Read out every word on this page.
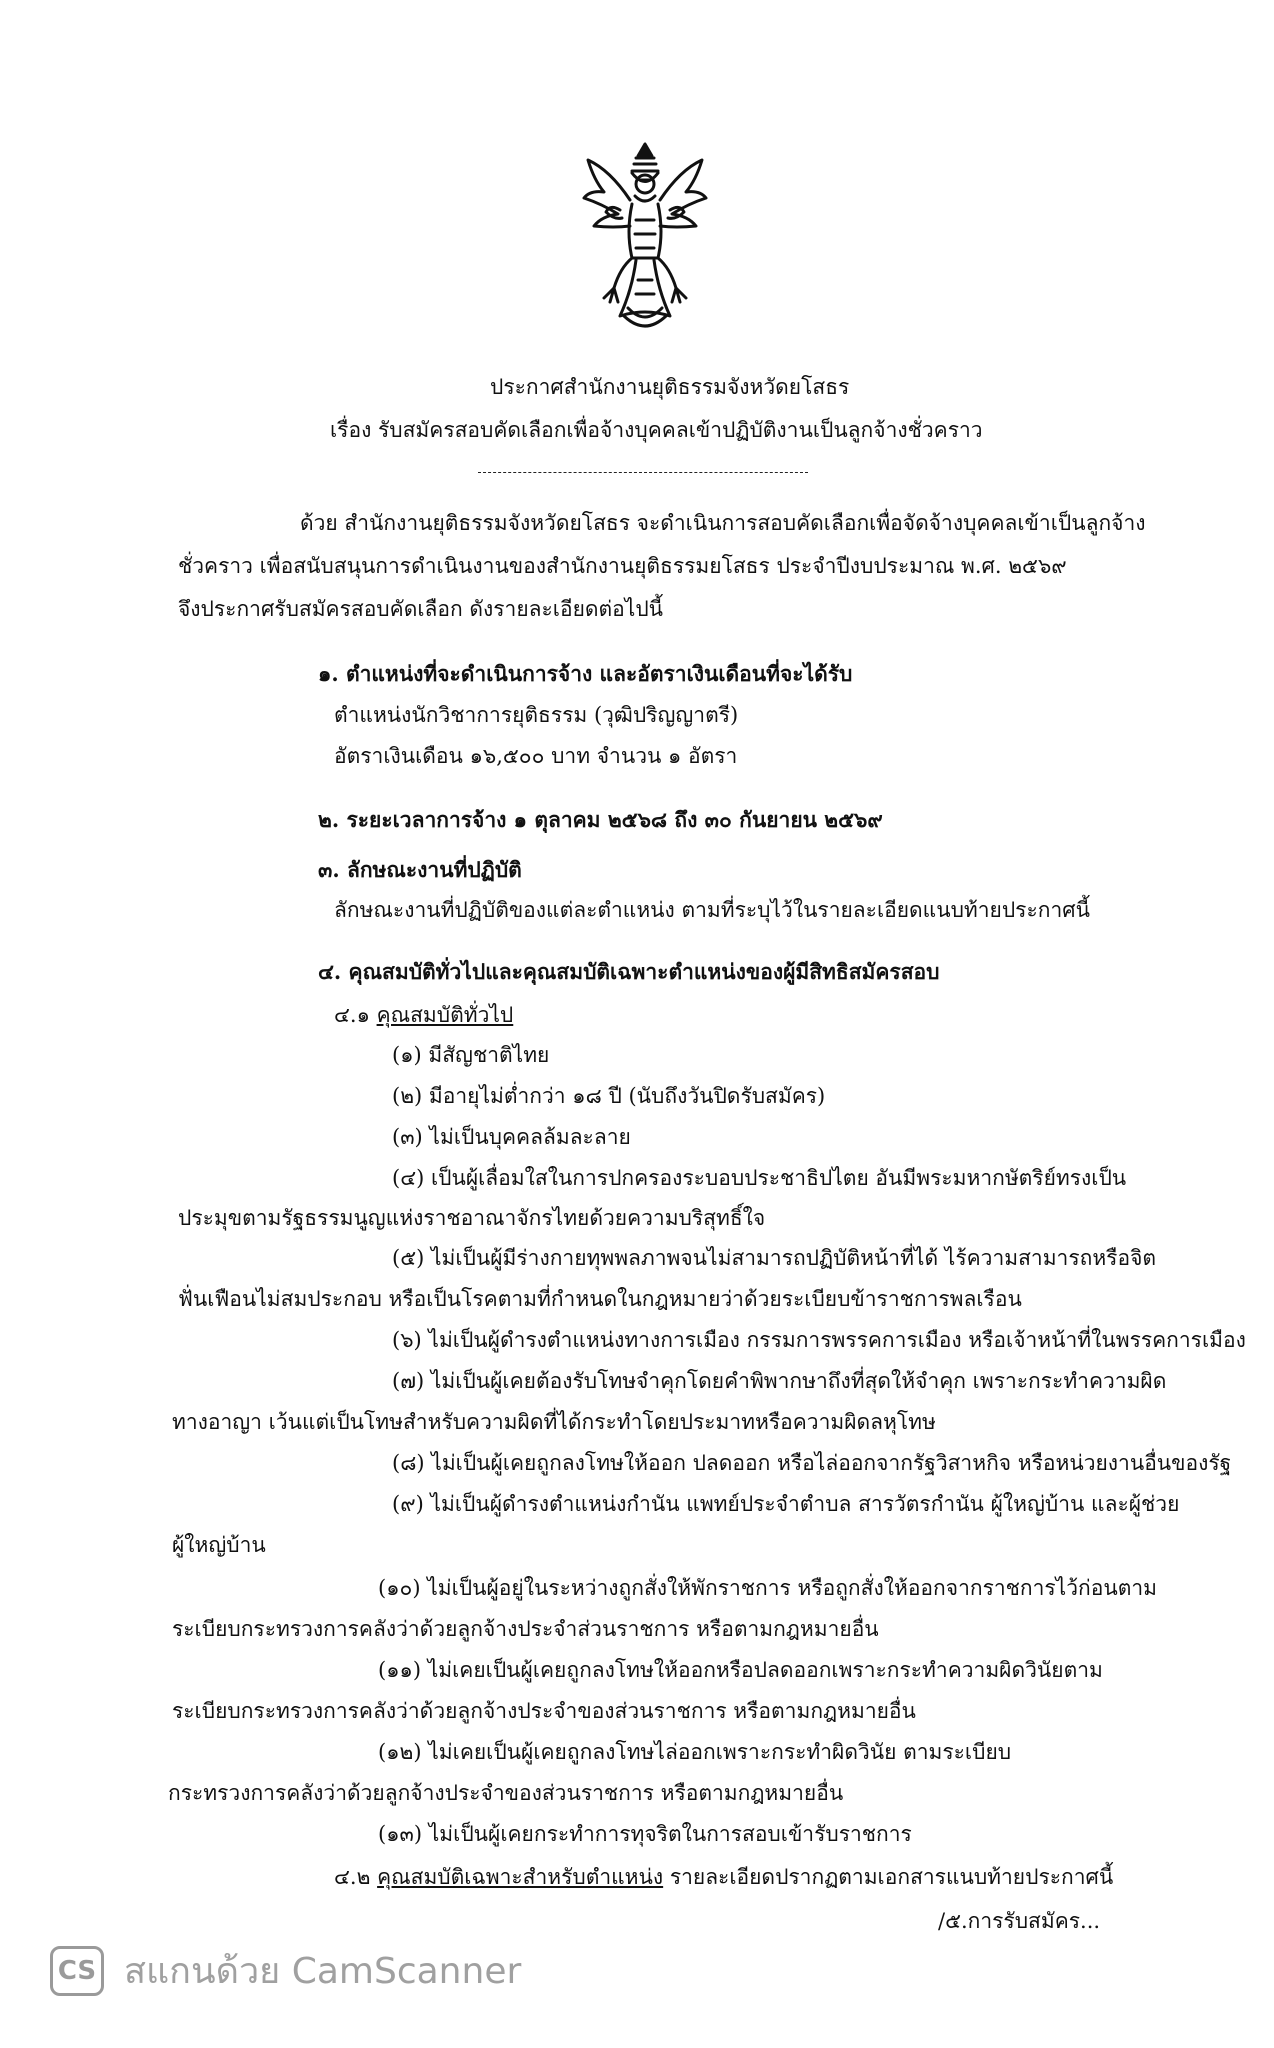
ประกาศสำนักงานยุติธรรมจังหวัดยโสธร

เรื่อง รับสมัครสอบคัดเลือกเพื่อจ้างบุคคลเข้าปฏิบัติงานเป็นลูกจ้างชั่วคราว

ด้วย สำนักงานยุติธรรมจังหวัดยโสธร จะดำเนินการสอบคัดเลือกเพื่อจัดจ้างบุคคลเข้าเป็นลูกจ้าง

ชั่วคราว เพื่อสนับสนุนการดำเนินงานของสำนักงานยุติธรรมยโสธร ประจำปีงบประมาณ พ.ศ. ๒๕๖๙

จึงประกาศรับสมัครสอบคัดเลือก ดังรายละเอียดต่อไปนี้

๑. ตำแหน่งที่จะดำเนินการจ้าง และอัตราเงินเดือนที่จะได้รับ

ตำแหน่งนักวิชาการยุติธรรม (วุฒิปริญญาตรี)

อัตราเงินเดือน ๑๖,๕๐๐ บาท จำนวน ๑ อัตรา

๒. ระยะเวลาการจ้าง ๑ ตุลาคม ๒๕๖๘ ถึง ๓๐ กันยายน ๒๕๖๙

๓. ลักษณะงานที่ปฏิบัติ

ลักษณะงานที่ปฏิบัติของแต่ละตำแหน่ง ตามที่ระบุไว้ในรายละเอียดแนบท้ายประกาศนี้

๔. คุณสมบัติทั่วไปและคุณสมบัติเฉพาะตำแหน่งของผู้มีสิทธิสมัครสอบ

๔.๑ คุณสมบัติทั่วไป

(๑) มีสัญชาติไทย

(๒) มีอายุไม่ต่ำกว่า ๑๘ ปี (นับถึงวันปิดรับสมัคร)

(๓) ไม่เป็นบุคคลล้มละลาย

(๔) เป็นผู้เลื่อมใสในการปกครองระบอบประชาธิปไตย อันมีพระมหากษัตริย์ทรงเป็น

ประมุขตามรัฐธรรมนูญแห่งราชอาณาจักรไทยด้วยความบริสุทธิ์ใจ

(๕) ไม่เป็นผู้มีร่างกายทุพพลภาพจนไม่สามารถปฏิบัติหน้าที่ได้ ไร้ความสามารถหรือจิต

ฟั่นเฟือนไม่สมประกอบ หรือเป็นโรคตามที่กำหนดในกฎหมายว่าด้วยระเบียบข้าราชการพลเรือน

(๖) ไม่เป็นผู้ดำรงตำแหน่งทางการเมือง กรรมการพรรคการเมือง หรือเจ้าหน้าที่ในพรรคการเมือง

(๗) ไม่เป็นผู้เคยต้องรับโทษจำคุกโดยคำพิพากษาถึงที่สุดให้จำคุก เพราะกระทำความผิด

ทางอาญา เว้นแต่เป็นโทษสำหรับความผิดที่ได้กระทำโดยประมาทหรือความผิดลหุโทษ

(๘) ไม่เป็นผู้เคยถูกลงโทษให้ออก ปลดออก หรือไล่ออกจากรัฐวิสาหกิจ หรือหน่วยงานอื่นของรัฐ

(๙) ไม่เป็นผู้ดำรงตำแหน่งกำนัน แพทย์ประจำตำบล สารวัตรกำนัน ผู้ใหญ่บ้าน และผู้ช่วย

ผู้ใหญ่บ้าน

(๑๐) ไม่เป็นผู้อยู่ในระหว่างถูกสั่งให้พักราชการ หรือถูกสั่งให้ออกจากราชการไว้ก่อนตาม

ระเบียบกระทรวงการคลังว่าด้วยลูกจ้างประจำส่วนราชการ หรือตามกฎหมายอื่น

(๑๑) ไม่เคยเป็นผู้เคยถูกลงโทษให้ออกหรือปลดออกเพราะกระทำความผิดวินัยตาม

ระเบียบกระทรวงการคลังว่าด้วยลูกจ้างประจำของส่วนราชการ หรือตามกฎหมายอื่น

(๑๒) ไม่เคยเป็นผู้เคยถูกลงโทษไล่ออกเพราะกระทำผิดวินัย ตามระเบียบ

กระทรวงการคลังว่าด้วยลูกจ้างประจำของส่วนราชการ หรือตามกฎหมายอื่น

(๑๓) ไม่เป็นผู้เคยกระทำการทุจริตในการสอบเข้ารับราชการ

๔.๒ คุณสมบัติเฉพาะสำหรับตำแหน่ง รายละเอียดปรากฏตามเอกสารแนบท้ายประกาศนี้

/๕.การรับสมัคร...

CS สแกนด้วย CamScanner
